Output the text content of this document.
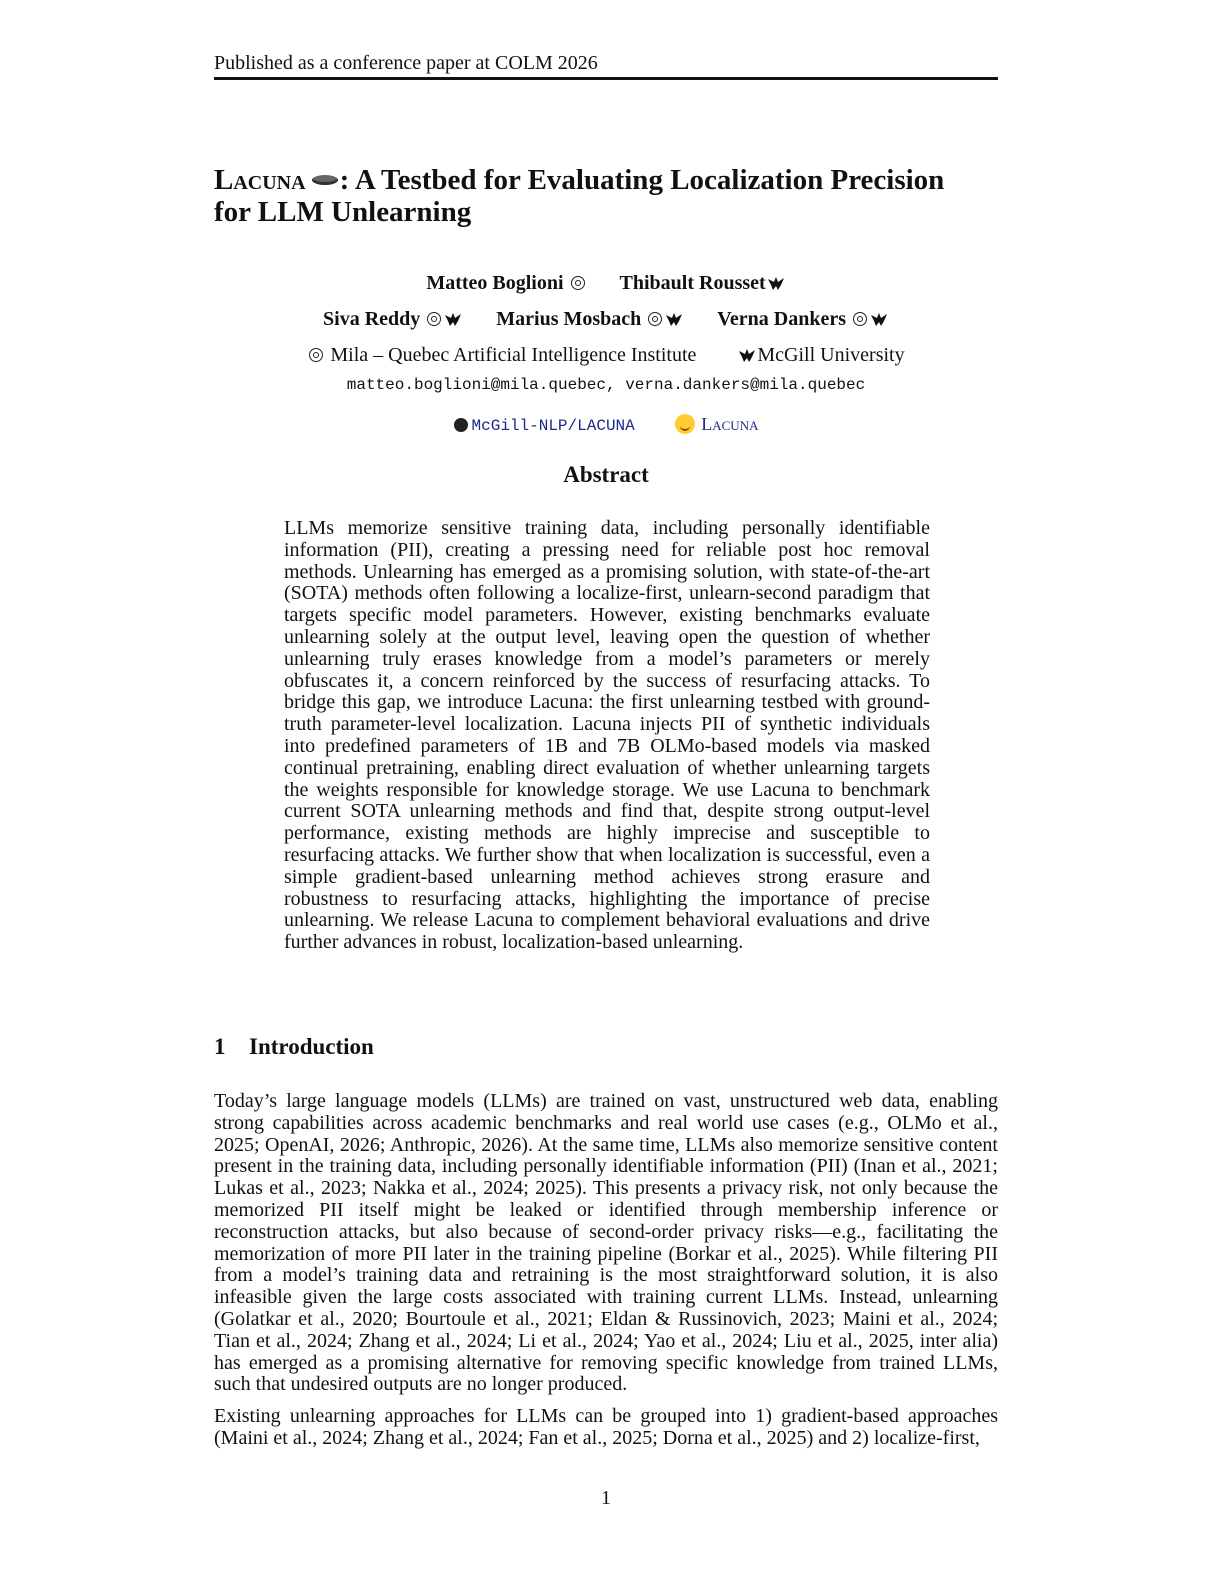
Published as a conference paper at COLM 2026
Lacuna : A Testbed for Evaluating Localization Precision
for LLM Unlearning
Matteo Boglioni	Thibault Rousset
Siva Reddy	Marius Mosbach	Verna Dankers
Mila – Quebec Artificial Intelligence Institute	McGill University
matteo.boglioni@mila.quebec, verna.dankers@mila.quebec
McGill-NLP/LACUNA	Lacuna
Abstract
LLMs memorize sensitive training data, including personally identifiable information (PII), creating a pressing need for reliable post hoc removal methods. Unlearning has emerged as a promising solution, with state-of-the-art (SOTA) methods often following a localize-first, unlearn-second paradigm that targets specific model parameters. However, existing benchmarks evaluate unlearning solely at the output level, leaving open the question of whether unlearning truly erases knowledge from a model’s parameters or merely obfuscates it, a concern reinforced by the success of resurfacing attacks. To bridge this gap, we introduce Lacuna: the first unlearning testbed with ground-truth parameter-level localization. Lacuna injects PII of synthetic individuals into predefined parameters of 1B and 7B OLMo-based models via masked continual pretraining, enabling direct evaluation of whether unlearning targets the weights responsible for knowledge storage. We use Lacuna to benchmark current SOTA unlearning methods and find that, despite strong output-level performance, existing methods are highly imprecise and susceptible to resurfacing attacks. We further show that when localization is successful, even a simple gradient-based unlearning method achieves strong erasure and robustness to resurfacing attacks, highlighting the importance of precise unlearning. We release Lacuna to complement behavioral evaluations and drive further advances in robust, localization-based unlearning.
1 Introduction
Today’s large language models (LLMs) are trained on vast, unstructured web data, enabling strong capabilities across academic benchmarks and real world use cases (e.g., OLMo et al., 2025; OpenAI, 2026; Anthropic, 2026). At the same time, LLMs also memorize sensitive content present in the training data, including personally identifiable information (PII) (Inan et al., 2021; Lukas et al., 2023; Nakka et al., 2024; 2025). This presents a privacy risk, not only because the memorized PII itself might be leaked or identified through membership inference or reconstruction attacks, but also because of second-order privacy risks—e.g., facilitating the memorization of more PII later in the training pipeline (Borkar et al., 2025). While filtering PII from a model’s training data and retraining is the most straightforward solution, it is also infeasible given the large costs associated with training current LLMs. Instead, unlearning (Golatkar et al., 2020; Bourtoule et al., 2021; Eldan & Russinovich, 2023; Maini et al., 2024; Tian et al., 2024; Zhang et al., 2024; Li et al., 2024; Yao et al., 2024; Liu et al., 2025, inter alia) has emerged as a promising alternative for removing specific knowledge from trained LLMs, such that undesired outputs are no longer produced.
Existing unlearning approaches for LLMs can be grouped into 1) gradient-based approaches (Maini et al., 2024; Zhang et al., 2024; Fan et al., 2025; Dorna et al., 2025) and 2) localize-first,
1
